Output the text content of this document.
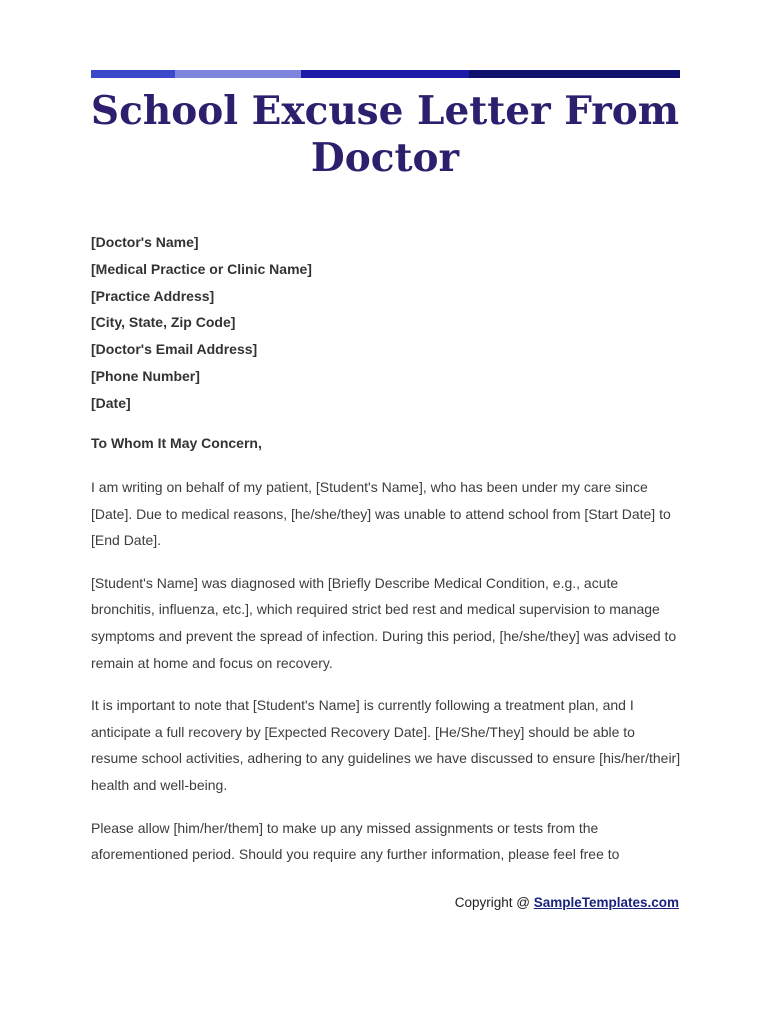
School Excuse Letter From Doctor
[Doctor's Name]
[Medical Practice or Clinic Name]
[Practice Address]
[City, State, Zip Code]
[Doctor's Email Address]
[Phone Number]
[Date]

To Whom It May Concern,

I am writing on behalf of my patient, [Student's Name], who has been under my care since [Date]. Due to medical reasons, [he/she/they] was unable to attend school from [Start Date] to [End Date].

[Student's Name] was diagnosed with [Briefly Describe Medical Condition, e.g., acute bronchitis, influenza, etc.], which required strict bed rest and medical supervision to manage symptoms and prevent the spread of infection. During this period, [he/she/they] was advised to remain at home and focus on recovery.

It is important to note that [Student's Name] is currently following a treatment plan, and I anticipate a full recovery by [Expected Recovery Date]. [He/She/They] should be able to resume school activities, adhering to any guidelines we have discussed to ensure [his/her/their] health and well-being.

Please allow [him/her/them] to make up any missed assignments or tests from the aforementioned period. Should you require any further information, please feel free to

Copyright @ SampleTemplates.com
